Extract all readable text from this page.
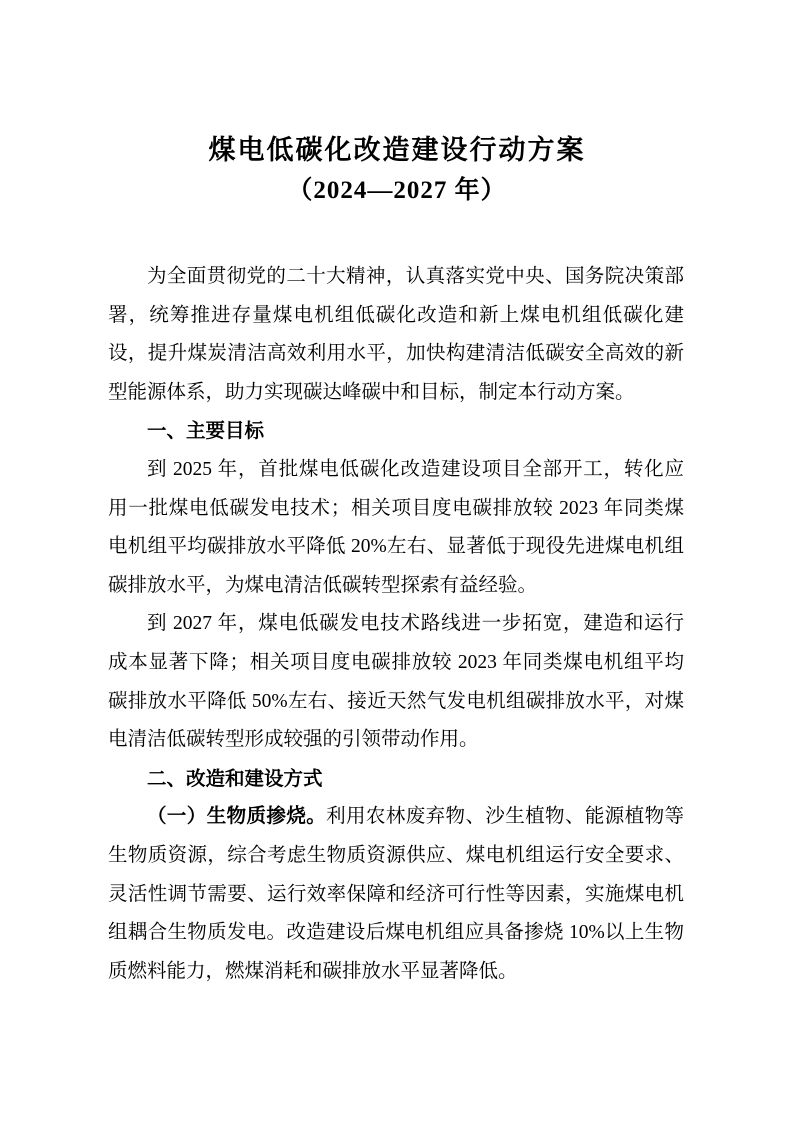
煤电低碳化改造建设行动方案
（2024—2027 年）
为全面贯彻党的二十大精神，认真落实党中央、国务院决策部
署，统筹推进存量煤电机组低碳化改造和新上煤电机组低碳化建
设，提升煤炭清洁高效利用水平，加快构建清洁低碳安全高效的新
型能源体系，助力实现碳达峰碳中和目标，制定本行动方案。
一、主要目标
到 2025 年，首批煤电低碳化改造建设项目全部开工，转化应
用一批煤电低碳发电技术；相关项目度电碳排放较 2023 年同类煤
电机组平均碳排放水平降低 20%左右、显著低于现役先进煤电机组
碳排放水平，为煤电清洁低碳转型探索有益经验。
到 2027 年，煤电低碳发电技术路线进一步拓宽，建造和运行
成本显著下降；相关项目度电碳排放较 2023 年同类煤电机组平均
碳排放水平降低 50%左右、接近天然气发电机组碳排放水平，对煤
电清洁低碳转型形成较强的引领带动作用。
二、改造和建设方式
（一）生物质掺烧。利用农林废弃物、沙生植物、能源植物等
生物质资源，综合考虑生物质资源供应、煤电机组运行安全要求、
灵活性调节需要、运行效率保障和经济可行性等因素，实施煤电机
组耦合生物质发电。改造建设后煤电机组应具备掺烧 10%以上生物
质燃料能力，燃煤消耗和碳排放水平显著降低。
